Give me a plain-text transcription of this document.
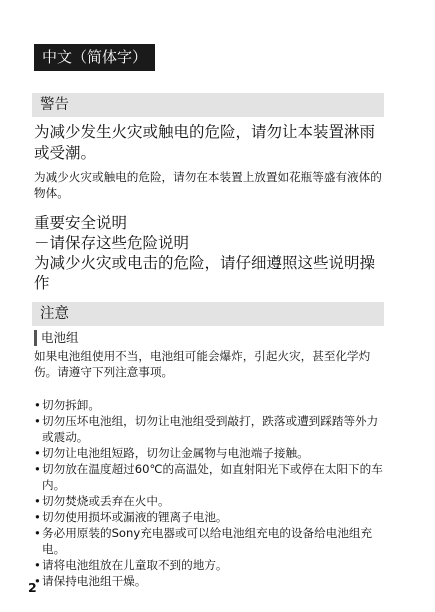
中文（简体字）
警告
为减少发生火灾或触电的危险，请勿让本装置淋雨或受潮。
为减少火灾或触电的危险，请勿在本装置上放置如花瓶等盛有液体的物体。
重要安全说明
－请保存这些危险说明
为减少火灾或电击的危险，请仔细遵照这些说明操作
注意
电池组
如果电池组使用不当，电池组可能会爆炸，引起火灾，甚至化学灼伤。请遵守下列注意事项。
• 切勿拆卸。
• 切勿压坏电池组，切勿让电池组受到敲打，跌落或遭到踩踏等外力或震动。
• 切勿让电池组短路，切勿让金属物与电池端子接触。
• 切勿放在温度超过60℃的高温处，如直射阳光下或停在太阳下的车内。
• 切勿焚烧或丢弃在火中。
• 切勿使用损坏或漏液的锂离子电池。
• 务必用原装的Sony充电器或可以给电池组充电的设备给电池组充电。
• 请将电池组放在儿童取不到的地方。
• 请保持电池组干燥。
2
